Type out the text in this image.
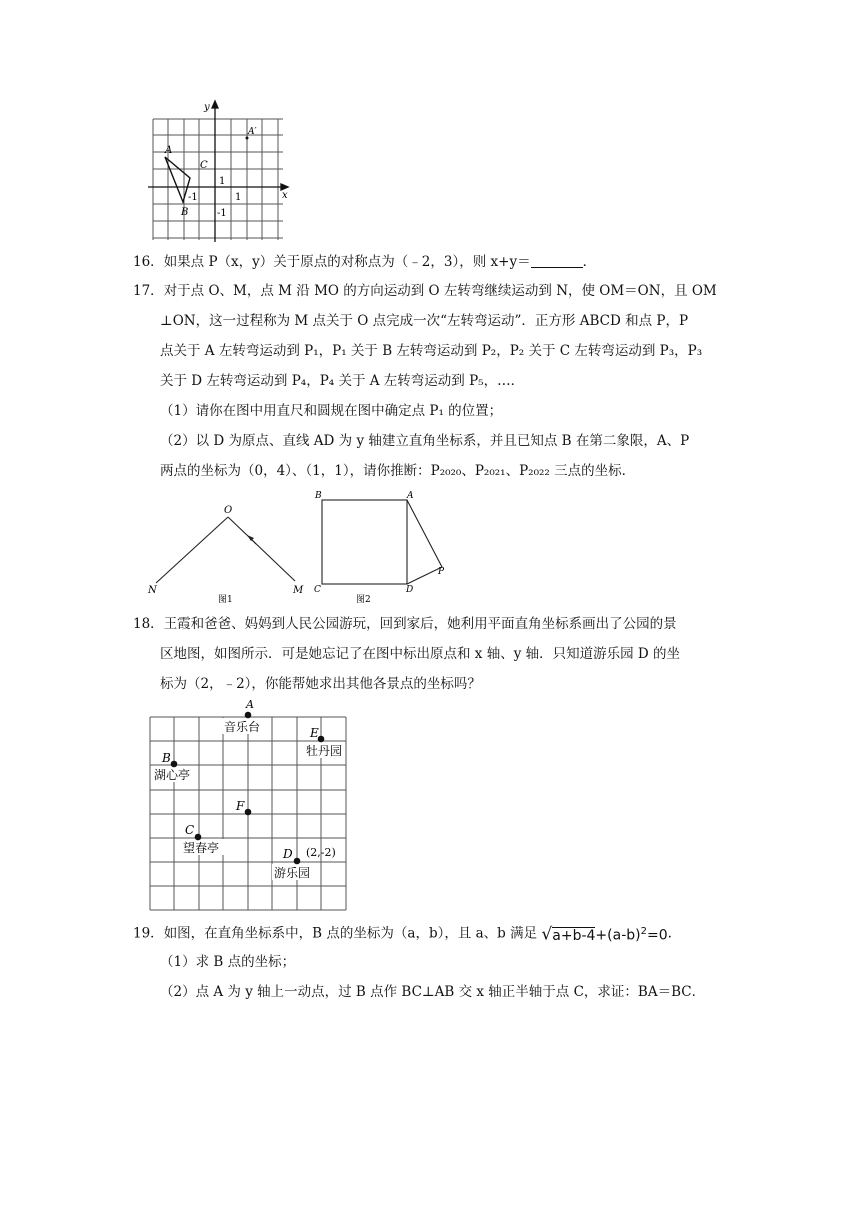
y
x
A
A′
B
C
1
1
-1
-1
16．如果点 P（x，y）关于原点的对称点为（﹣2，3），则 x+y＝	．
17．对于点 O、M，点 M 沿 MO 的方向运动到 O 左转弯继续运动到 N，使 OM＝ON，且 OM
⊥ON，这一过程称为 M 点关于 O 点完成一次“左转弯运动”．正方形 ABCD 和点 P，P
点关于 A 左转弯运动到 P₁，P₁ 关于 B 左转弯运动到 P₂，P₂ 关于 C 左转弯运动到 P₃，P₃
关于 D 左转弯运动到 P₄，P₄ 关于 A 左转弯运动到 P₅，…．
（1）请你在图中用直尺和圆规在图中确定点 P₁ 的位置；
（2）以 D 为原点、直线 AD 为 y 轴建立直角坐标系，并且已知点 B 在第二象限，A、P
两点的坐标为（0，4）、（1，1），请你推断：P₂₀₂₀、P₂₀₂₁、P₂₀₂₂ 三点的坐标．
O
N	M
图1
B	A
C	D
P
图2
18．王霞和爸爸、妈妈到人民公园游玩，回到家后，她利用平面直角坐标系画出了公园的景
区地图，如图所示．可是她忘记了在图中标出原点和 x 轴、y 轴．只知道游乐园 D 的坐
标为（2，﹣2），你能帮她求出其他各景点的坐标吗？
A
B
C
D
E
F
音乐台
湖心亭
望春亭
游乐园
牡丹园
(2,-2)
19．如图，在直角坐标系中，B 点的坐标为（a，b），且 a、b 满足 $√a+b-4+(a-b)^2=0$.
（1）求 B 点的坐标；
（2）点 A 为 y 轴上一动点，过 B 点作 BC⊥AB 交 x 轴正半轴于点 C，求证：BA＝BC．
